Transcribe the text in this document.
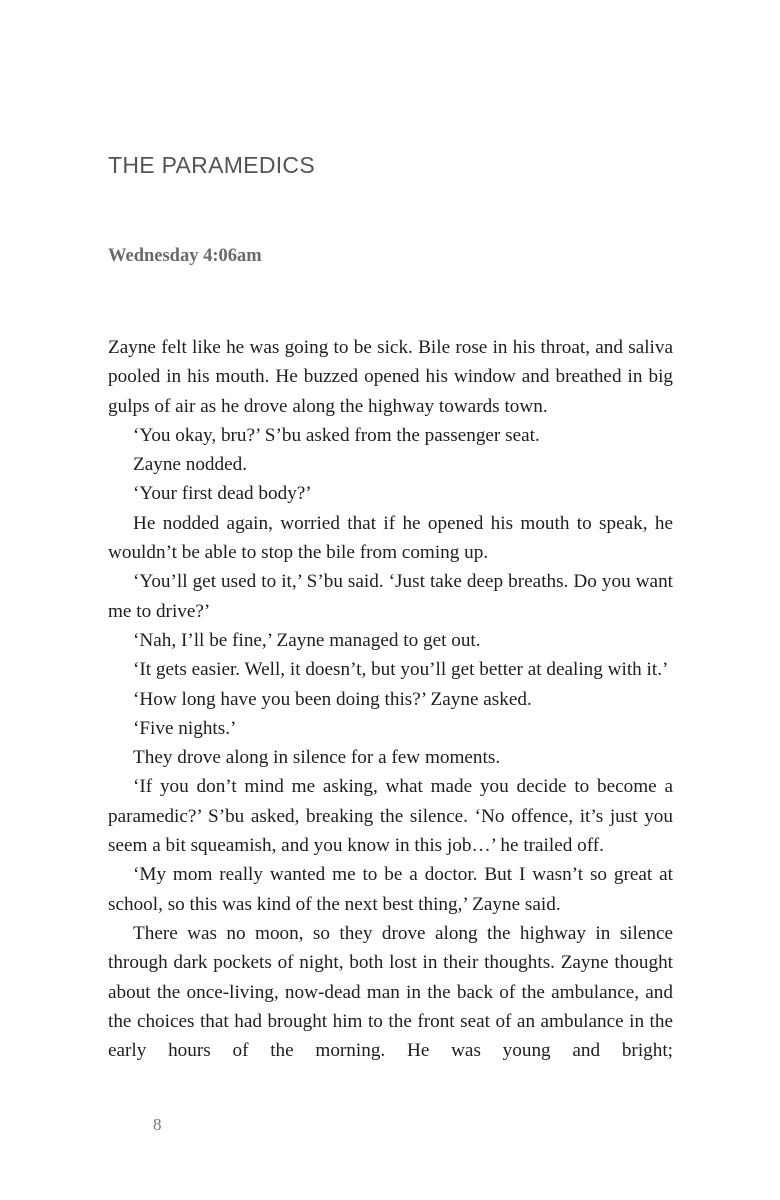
THE PARAMEDICS
Wednesday 4:06am

Zayne felt like he was going to be sick. Bile rose in his throat, and saliva pooled in his mouth. He buzzed opened his window and breathed in big gulps of air as he drove along the highway towards town.

‘You okay, bru?’ S’bu asked from the passenger seat.

Zayne nodded.

‘Your first dead body?’

He nodded again, worried that if he opened his mouth to speak, he wouldn’t be able to stop the bile from coming up.

‘You’ll get used to it,’ S’bu said. ‘Just take deep breaths. Do you want me to drive?’

‘Nah, I’ll be fine,’ Zayne managed to get out.

‘It gets easier. Well, it doesn’t, but you’ll get better at dealing with it.’

‘How long have you been doing this?’ Zayne asked.

‘Five nights.’

They drove along in silence for a few moments.

‘If you don’t mind me asking, what made you decide to become a paramedic?’ S’bu asked, breaking the silence. ‘No offence, it’s just you seem a bit squeamish, and you know in this job…’ he trailed off.

‘My mom really wanted me to be a doctor. But I wasn’t so great at school, so this was kind of the next best thing,’ Zayne said.

There was no moon, so they drove along the highway in silence through dark pockets of night, both lost in their thoughts. Zayne thought about the once-living, now-dead man in the back of the ambulance, and the choices that had brought him to the front seat of an ambulance in the early hours of the morning. He was young and bright;

8
